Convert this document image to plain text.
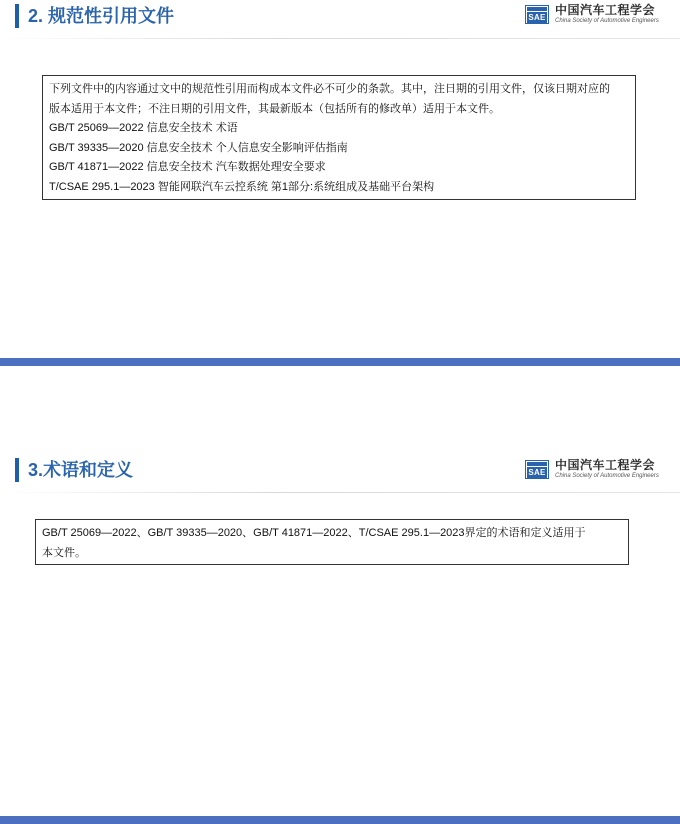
2. 规范性引用文件	SAE
中国汽车工程学会
China Society of Automotive Engineers
下列文件中的内容通过文中的规范性引用而构成本文件必不可少的条款。其中，注日期的引用文件，仅该日期对应的
版本适用于本文件；不注日期的引用文件，其最新版本（包括所有的修改单）适用于本文件。
GB/T 25069—2022 信息安全技术 术语
GB/T 39335—2020 信息安全技术 个人信息安全影响评估指南
GB/T 41871—2022 信息安全技术 汽车数据处理安全要求
T/CSAE 295.1—2023 智能网联汽车云控系统 第1部分:系统组成及基础平台架构
3.术语和定义	SAE
中国汽车工程学会
China Society of Automotive Engineers
GB/T 25069—2022、GB/T 39335—2020、GB/T 41871—2022、T/CSAE 295.1—2023界定的术语和定义适用于
本文件。
